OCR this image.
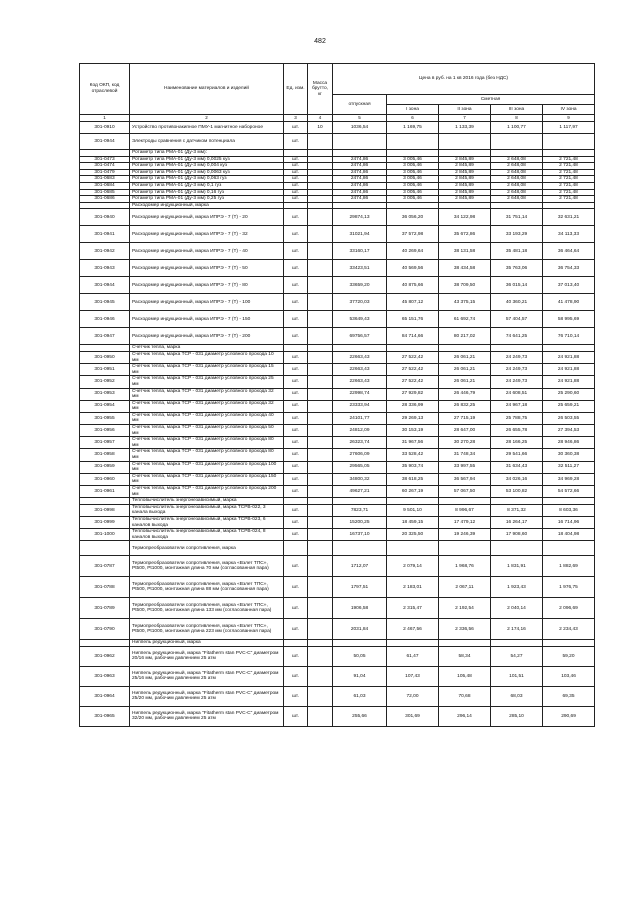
482
Код ОКП, код отраслевой	Наименование материалов и изделий	Ед. изм.	Масса брутто, кг	Цена в руб. на 1 кв 2016 года (без НДС)				
				отпускная	Сметная			
					I зона	II зона	III зона	IV зона
1	2	3	4	5	6	7	8	9
301-0910	Устройство противонакипное ПМУ-1 магнитное набороное	шт.	10	1036,54	1 169,75	1 133,39	1 100,77	1 117,97
301-0944	Электроды сравнения с датчиком потенциала	шт.						
	Ротаметр типа РМА-01 (Ду-3 мм):							
301-0473	Ротаметр типа РМА-01 (Ду-3 мм) 0,0025 куз	шт.		2474,86	3 005,46	2 845,89	2 648,08	2 721,48
301-0474	Ротаметр типа РМА-01 (Ду-3 мм) 0,004 куз	шт.		2474,86	3 005,46	2 845,89	2 648,08	2 721,48
301-0479	Ротаметр типа РМА-01 (Ду-3 мм) 0,0063 куз	шт.		2474,86	3 005,46	2 845,89	2 648,08	2 721,48
301-0683	Ротаметр типа РМА-01 (Ду-3 мм) 0,063 гуз	шт.		2474,86	3 005,46	2 845,89	2 648,08	2 721,48
301-0684	Ротаметр типа РМА-01 (Ду-3 мм) 0,1 гуз	шт.		2474,86	3 005,46	2 845,89	2 648,08	2 721,48
301-0685	Ротаметр типа РМА-01 (Ду-3 мм) 0,16 гуз	шт.		2474,86	3 005,46	2 845,89	2 648,08	2 721,48
301-0686	Ротаметр типа РМА-01 (Ду-3 мм) 0,25 гуз	шт.		2474,86	3 005,46	2 845,89	2 648,08	2 721,48
	Расходомер индукционный, марка							
301-0940	Расходомер индукционный, марка ИПРЭ - 7 (Т) - 20	шт.		29874,13	36 056,20	34 122,98	31 751,14	32 631,21
301-0941	Расходомер индукционный, марка ИПРЭ - 7 (Т) - 32	шт.		31021,94	37 572,98	35 672,86	33 193,29	34 113,33
301-0942	Расходомер индукционный, марка ИПРЭ - 7 (Т) - 40	шт.		33160,17	40 269,64	38 131,58	35 481,18	36 464,64
301-0943	Расходомер индукционный, марка ИПРЭ - 7 (Т) - 50	шт.		33423,51	40 569,56	38 434,58	35 763,06	36 754,33
301-0944	Расходомер индукционный, марка ИПРЭ - 7 (Т) - 80	шт.		33659,20	40 875,66	38 709,50	36 015,14	37 013,40
301-0945	Расходомер индукционный, марка ИПРЭ - 7 (Т) - 100	шт.		37720,03	45 807,12	43 375,15	40 360,21	41 478,90
301-0946	Расходомер индукционный, марка ИПРЭ - 7 (Т) - 150	шт.		53649,43	65 151,76	61 692,74	57 404,57	58 995,69
301-0947	Расходомер индукционный, марка ИПРЭ - 7 (Т) - 200	шт.		69756,57	84 714,66	80 217,02	74 641,25	76 710,14
	Счетчик тепла, марка							
301-0950	Счетчик тепла, марка ТСР - 031 диаметр условного прохода 10 мм	шт.		22663,43	27 522,42	26 061,21	24 249,73	24 921,88
301-0951	Счетчик тепла, марка ТСР - 031 диаметр условного прохода 15 мм	шт.		22663,43	27 522,42	26 061,21	24 249,73	24 921,88
301-0952	Счетчик тепла, марка ТСР - 031 диаметр условного прохода 25 мм	шт.		22663,43	27 522,42	26 061,21	24 249,73	24 921,88
301-0953	Счетчик тепла, марка ТСР - 031 диаметр условного прохода 32 мм	шт.		22998,74	27 929,82	26 446,79	24 608,51	25 290,60
301-0954	Счетчик тепла, марка ТСР - 031 диаметр условного прохода 32 мм	шт.		23333,94	28 336,99	26 832,25	24 967,18	25 659,21
301-0955	Счетчик тепла, марка ТСР - 031 диаметр условного прохода 40 мм	шт.		24101,77	29 269,13	27 715,19	25 788,75	26 503,55
301-0956	Счетчик тепла, марка ТСР - 031 диаметр условного прохода 50 мм	шт.		24812,09	30 153,19	28 647,00	26 655,78	27 394,53
301-0957	Счетчик тепла, марка ТСР - 031 диаметр условного прохода 80 мм	шт.		26323,74	31 967,56	30 270,28	28 166,25	28 946,86
301-0958	Счетчик тепла, марка ТСР - 031 диаметр условного прохода 80 мм	шт.		27606,09	33 528,42	31 748,34	29 541,66	30 360,38
301-0959	Счетчик тепла, марка ТСР - 031 диаметр условного прохода 100 мм	шт.		29565,05	35 903,74	33 997,55	31 634,43	32 511,27
301-0960	Счетчик тепла, марка ТСР - 031 диаметр условного прохода 150 мм	шт.		34800,32	38 618,25	36 567,94	34 026,16	34 969,28
301-0961	Счетчик тепла, марка ТСР - 031 диаметр условного прохода 200 мм	шт.		49627,21	60 267,19	57 067,50	53 100,82	54 572,66
	Тепловычислитель энергонезависимый, марка							
301-0998	Тепловычислитель энергонезависимый, марка ТСРВ-022, 3 канала выхода	шт.		7823,71	9 501,10	8 996,67	8 371,32	8 603,36
301-0999	Тепловычислитель энергонезависимый, марка ТСРВ-023, 6 каналов выхода	шт.		15200,25	18 459,15	17 479,12	16 264,17	16 714,96
301-1000	Тепловычислитель энергонезависимый, марка ТСРВ-024, 8 каналов выхода	шт.		16737,10	20 325,50	19 246,39	17 908,60	18 404,98
	Термопреобразователи сопротивления, марка							
301-0787	Термопреобразователи сопротивления, марка «Взлет ТПС», Pt500, Pt1000, монтажная длина 70 мм (согласованная пара)	шт.		1712,07	2 079,14	1 968,76	1 831,91	1 882,69
301-0788	Термопреобразователи сопротивления, марка «Взлет ТПС», Pt500, Pt1000, монтажная длина 88 мм (согласованная пара)	шт.		1797,51	2 183,01	2 067,11	1 923,43	1 976,75
301-0789	Термопреобразователи сопротивления, марка «Взлет ТПС», Pt500, Pt1000, монтажная длина 133 мм (согласованная пара)	шт.		1906,58	2 315,47	2 192,54	2 040,14	2 096,69
301-0790	Термопреобразователи сопротивления, марка «Взлет ТПС», Pt500, Pt1000, монтажная длина 223 мм (согласованная пара)	шт.		2031,84	2 467,56	2 336,56	2 174,16	2 234,43
	Ниппель редукционный, марка							
301-0962	Ниппель редукционный, марка "Fitatherm stan PVC-C" диаметром 20/16 мм, рабочим давлением 25 атм	шт.		50,05	61,47	58,34	54,27	59,20
301-0963	Ниппель редукционный, марка "Fitatherm stan PVC-C" диаметром 25/16 мм, рабочим давлением 25 атм	шт.		91,04	107,43	105,48	101,51	103,46
301-0964	Ниппель редукционный, марка "Fitatherm stan PVC-C" диаметром 25/20 мм, рабочим давлением 25 атм	шт.		61,03	72,00	70,68	68,03	69,35
301-0965	Ниппель редукционный, марка "Fitatherm stan PVC-C" диаметром 32/20 мм, рабочим давлением 25 атм	шт.		255,66	301,69	296,14	285,10	290,69
